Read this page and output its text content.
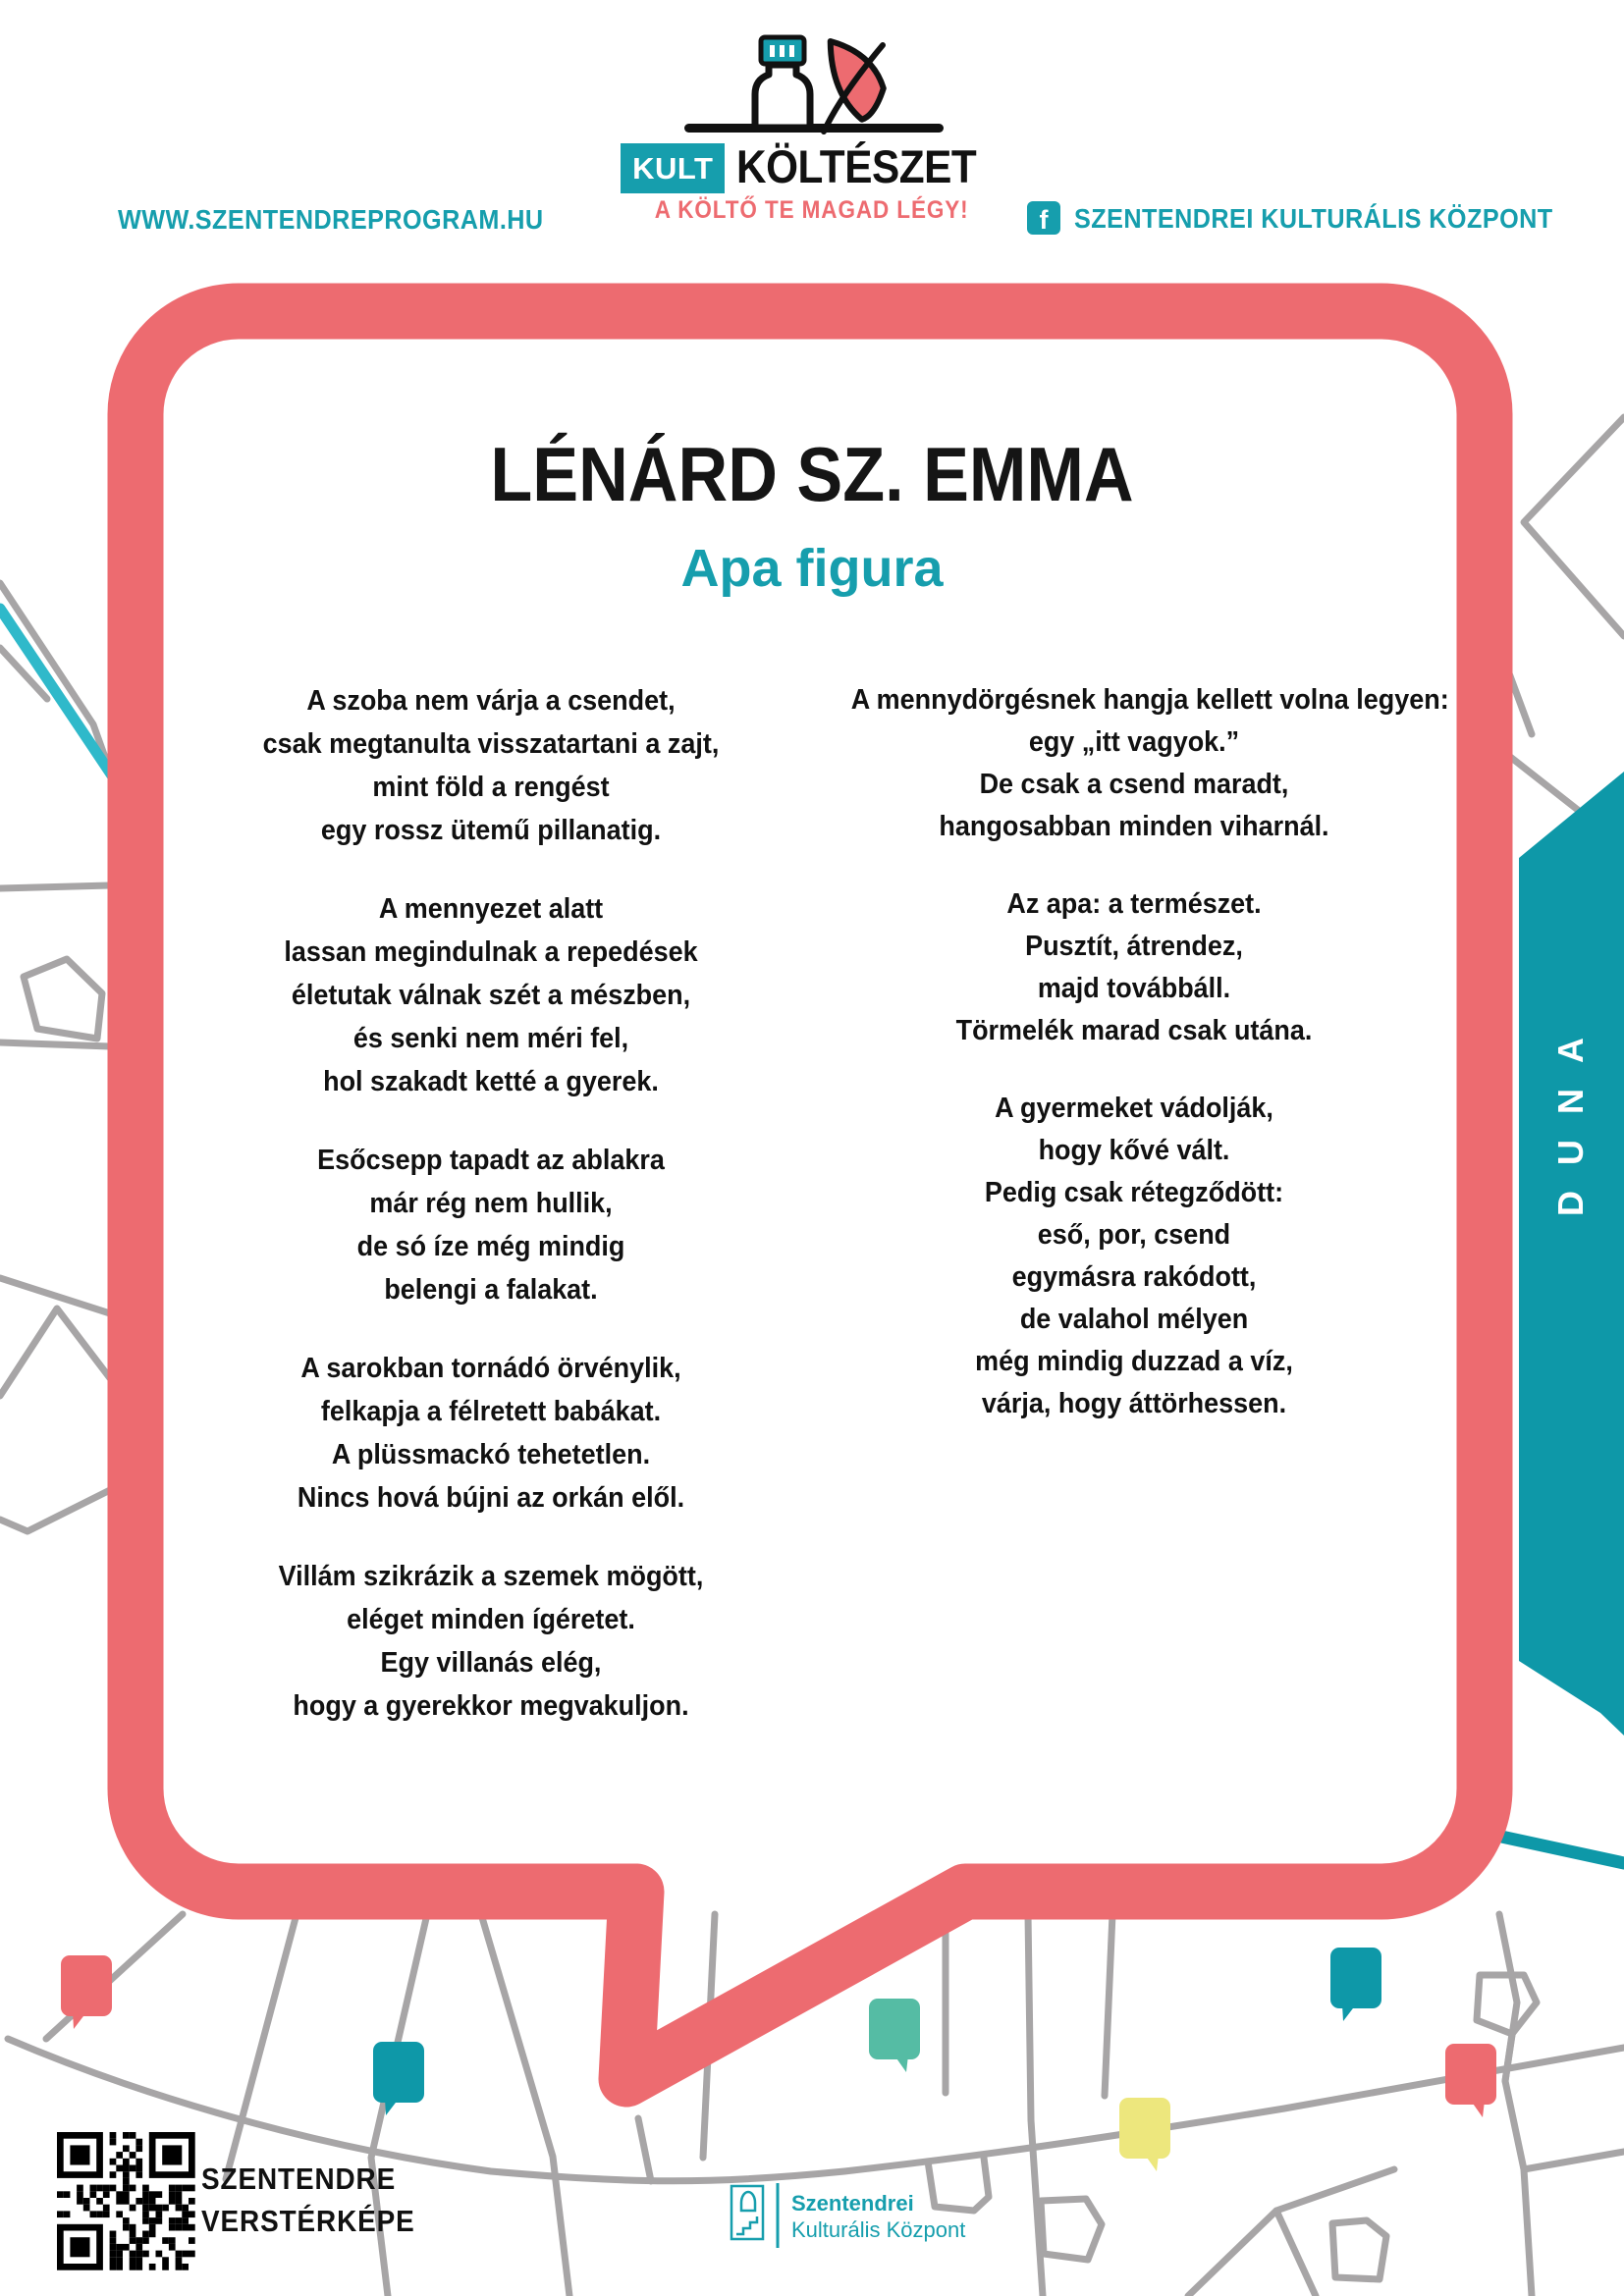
KULT KÖLTÉSZET
A KÖLTŐ TE MAGAD LÉGY!
WWW.SZENTENDREPROGRAM.HU	f SZENTENDREI KULTURÁLIS KÖZPONT
LÉNÁRD SZ. EMMA
Apa figura
A szoba nem várja a csendet,
csak megtanulta visszatartani a zajt,
mint föld a rengést
egy rossz ütemű pillanatig.
A mennyezet alatt
lassan megindulnak a repedések
életutak válnak szét a mészben,
és senki nem méri fel,
hol szakadt ketté a gyerek.
Esőcsepp tapadt az ablakra
már rég nem hullik,
de só íze még mindig
belengi a falakat.
A sarokban tornádó örvénylik,
felkapja a félretett babákat.
A plüssmackó tehetetlen.
Nincs hová bújni az orkán elől.
Villám szikrázik a szemek mögött,
eléget minden ígéretet.
Egy villanás elég,
hogy a gyerekkor megvakuljon.
A mennydörgésnek hangja kellett volna legyen:
egy „itt vagyok.”
De csak a csend maradt,
hangosabban minden viharnál.
Az apa: a természet.
Pusztít, átrendez,
majd továbbáll.
Törmelék marad csak utána.
A gyermeket vádolják,
hogy kővé vált.
Pedig csak rétegződött:
eső, por, csend
egymásra rakódott,
de valahol mélyen
még mindig duzzad a víz,
várja, hogy áttörhessen.
DUNA
SZENTENDRE
VERSTÉRKÉPE
Szentendrei
Kulturális Központ
